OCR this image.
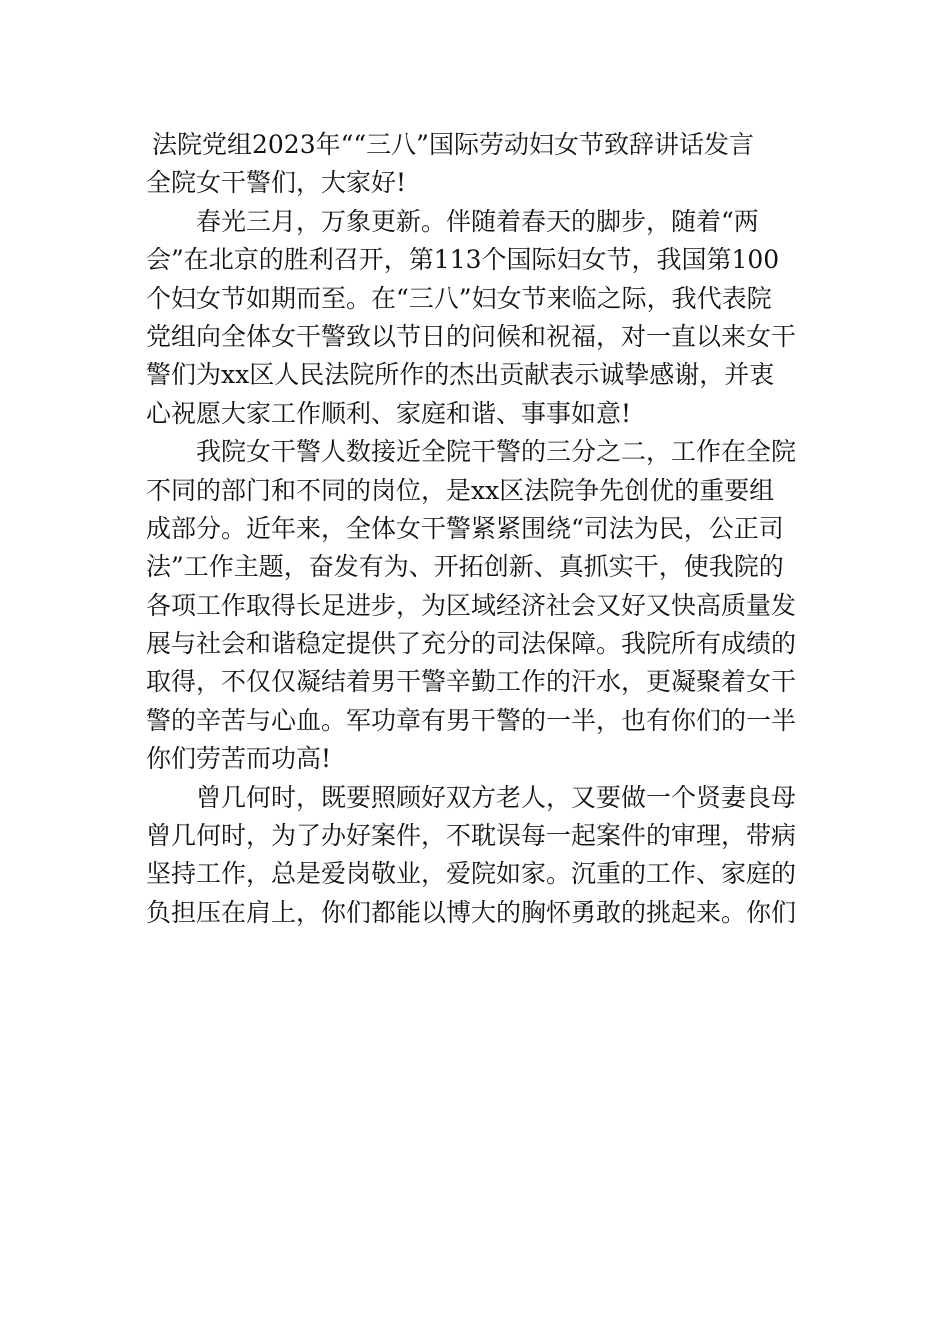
法院党组2023年““三八”国际劳动妇女节致辞讲话发言
全院女干警们，大家好!
春光三月，万象更新。伴随着春天的脚步，随着“两
会”在北京的胜利召开，第113个国际妇女节，我国第100
个妇女节如期而至。在“三八”妇女节来临之际，我代表院
党组向全体女干警致以节日的问候和祝福，对一直以来女干
警们为xx区人民法院所作的杰出贡献表示诚挚感谢，并衷
心祝愿大家工作顺利、家庭和谐、事事如意!
我院女干警人数接近全院干警的三分之二，工作在全院
不同的部门和不同的岗位，是xx区法院争先创优的重要组
成部分。近年来，全体女干警紧紧围绕“司法为民，公正司
法”工作主题，奋发有为、开拓创新、真抓实干，使我院的
各项工作取得长足进步，为区域经济社会又好又快高质量发
展与社会和谐稳定提供了充分的司法保障。我院所有成绩的
取得，不仅仅凝结着男干警辛勤工作的汗水，更凝聚着女干
警的辛苦与心血。军功章有男干警的一半，也有你们的一半
你们劳苦而功高!
曾几何时，既要照顾好双方老人，又要做一个贤妻良母
曾几何时，为了办好案件，不耽误每一起案件的审理，带病
坚持工作，总是爱岗敬业，爱院如家。沉重的工作、家庭的
负担压在肩上，你们都能以博大的胸怀勇敢的挑起来。你们
